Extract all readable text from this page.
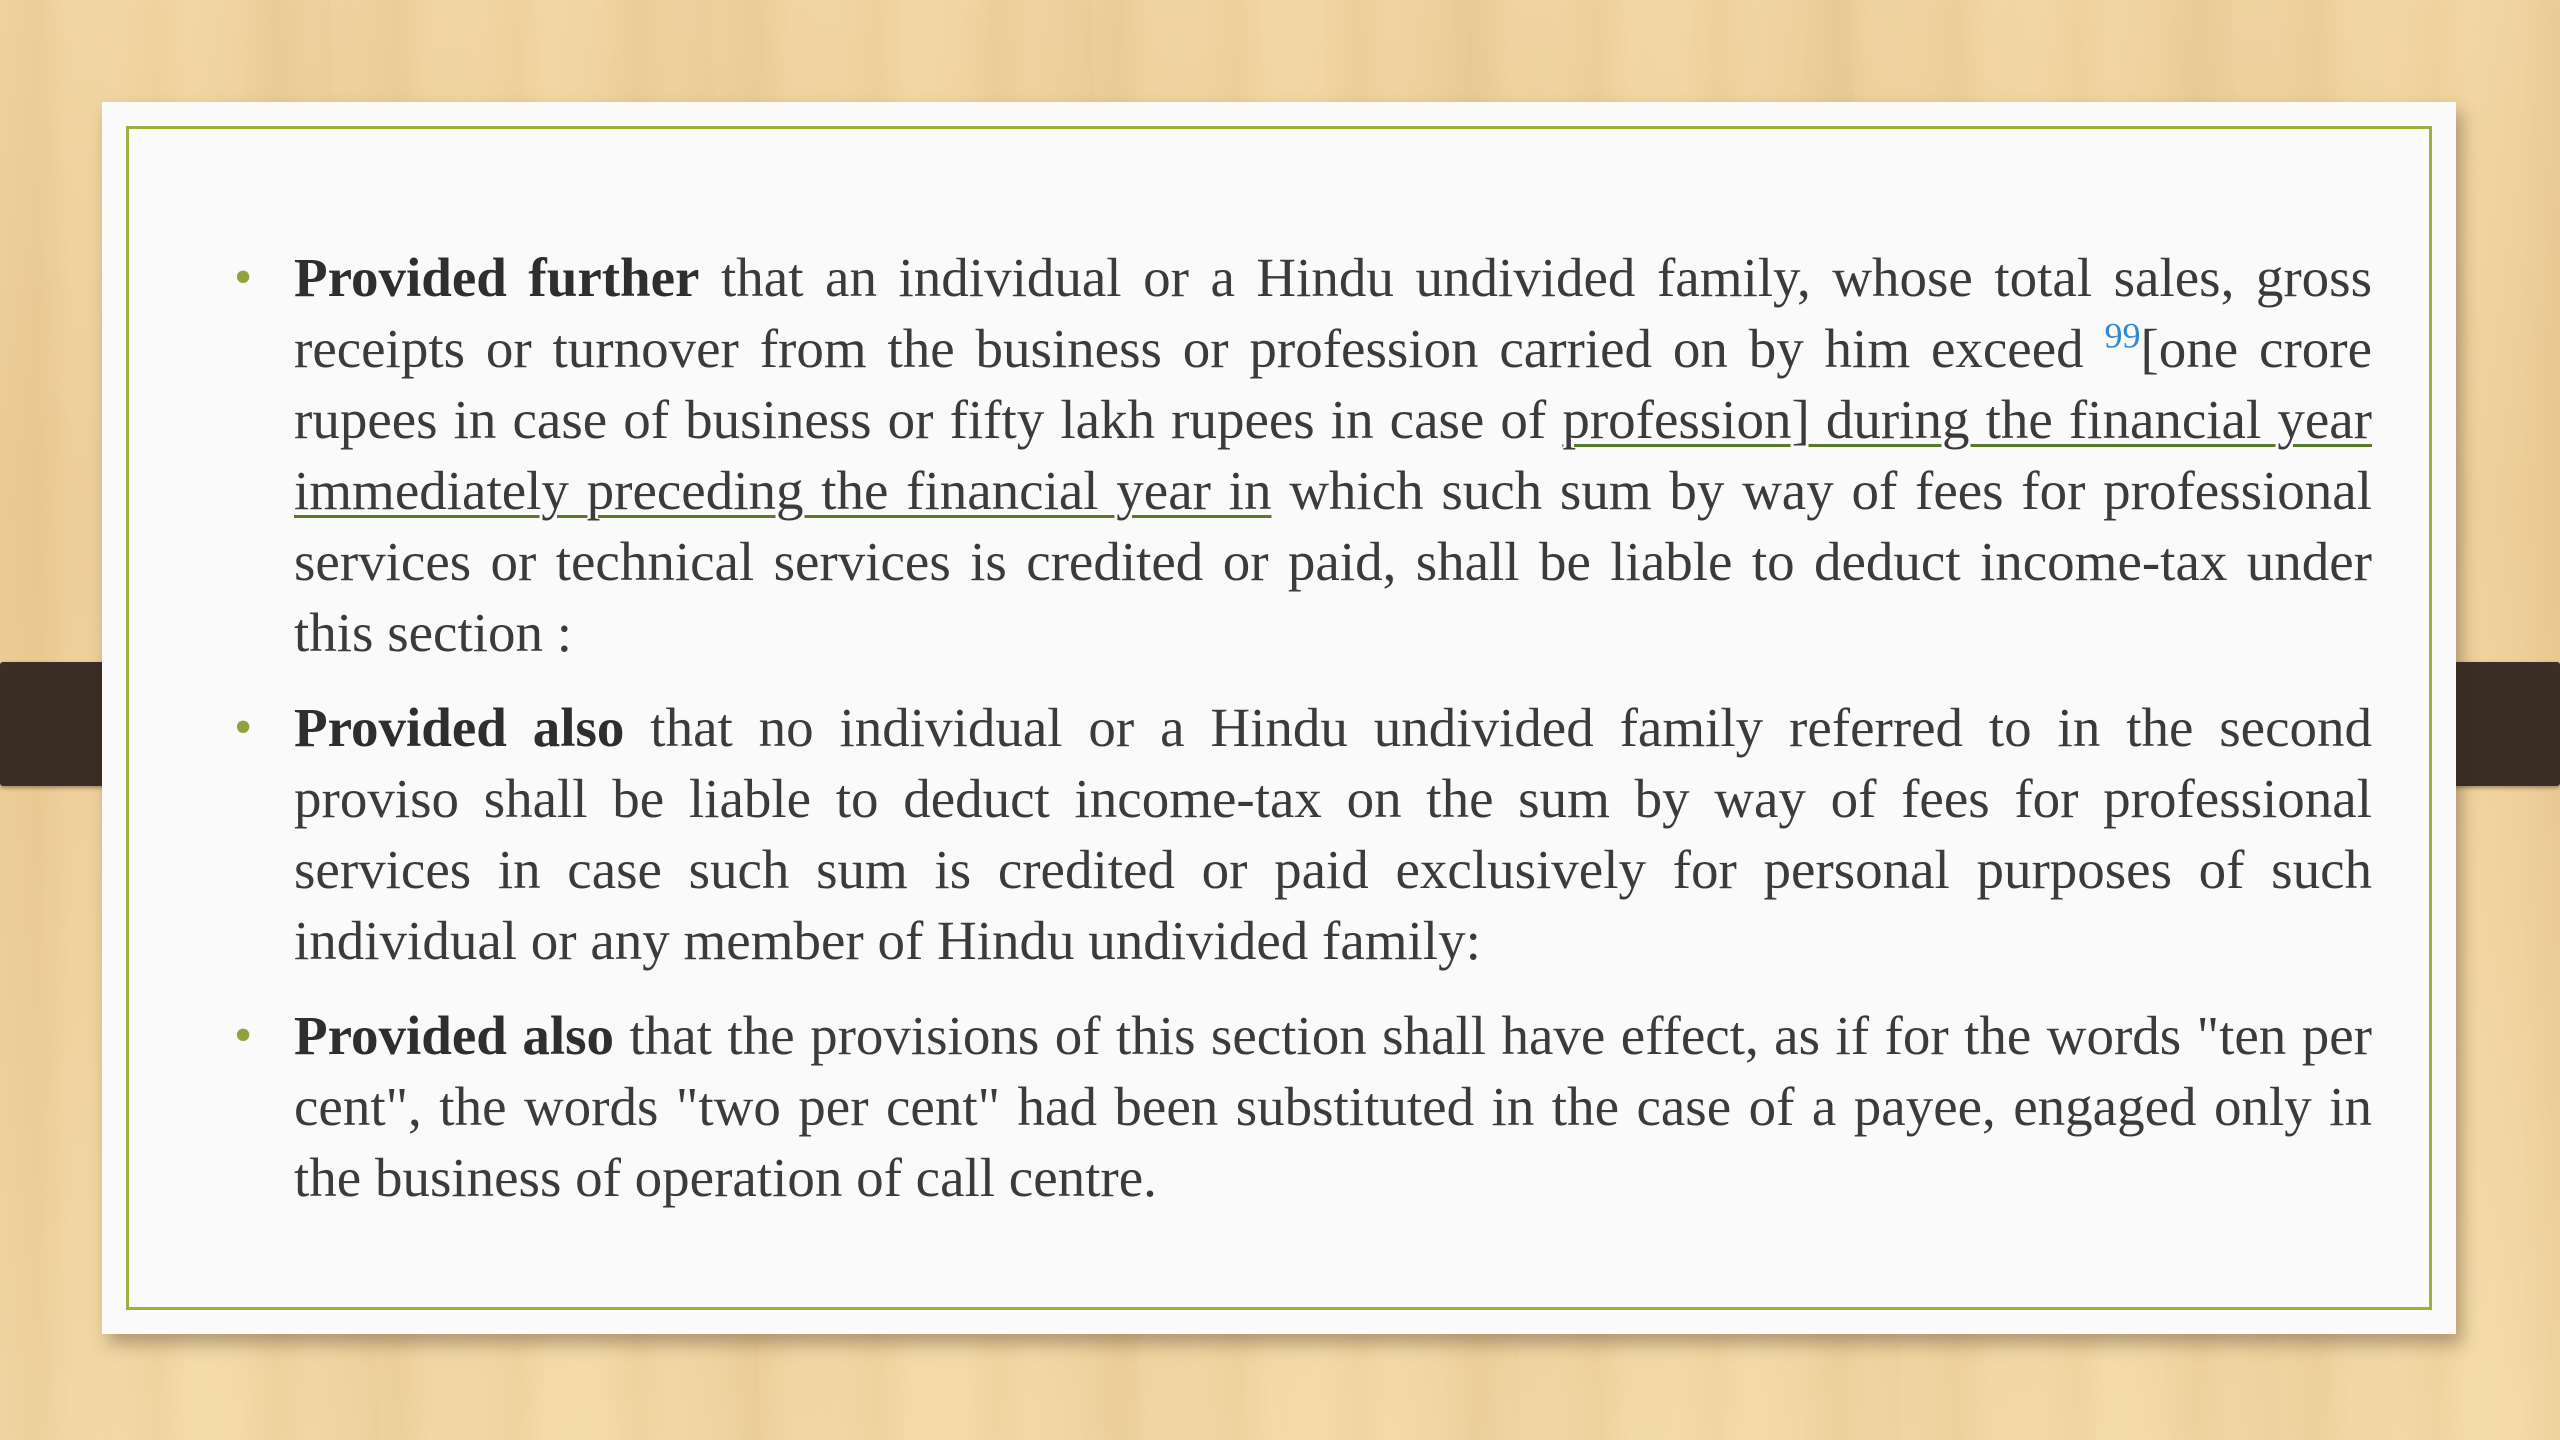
• Provided further that an individual or a Hindu undivided family, whose total sales, gross receipts or turnover from the business or profession carried on by him exceed $^{99}$[one crore rupees in case of business or fifty lakh rupees in case of profession] during the financial year immediately preceding the financial year in which such sum by way of fees for professional services or technical services is credited or paid, shall be liable to deduct income-tax under this section :
• Provided also that no individual or a Hindu undivided family referred to in the second proviso shall be liable to deduct income-tax on the sum by way of fees for professional services in case such sum is credited or paid exclusively for personal purposes of such individual or any member of Hindu undivided family:
• Provided also that the provisions of this section shall have effect, as if for the words "ten per cent", the words "two per cent" had been substituted in the case of a payee, engaged only in the business of operation of call centre.
